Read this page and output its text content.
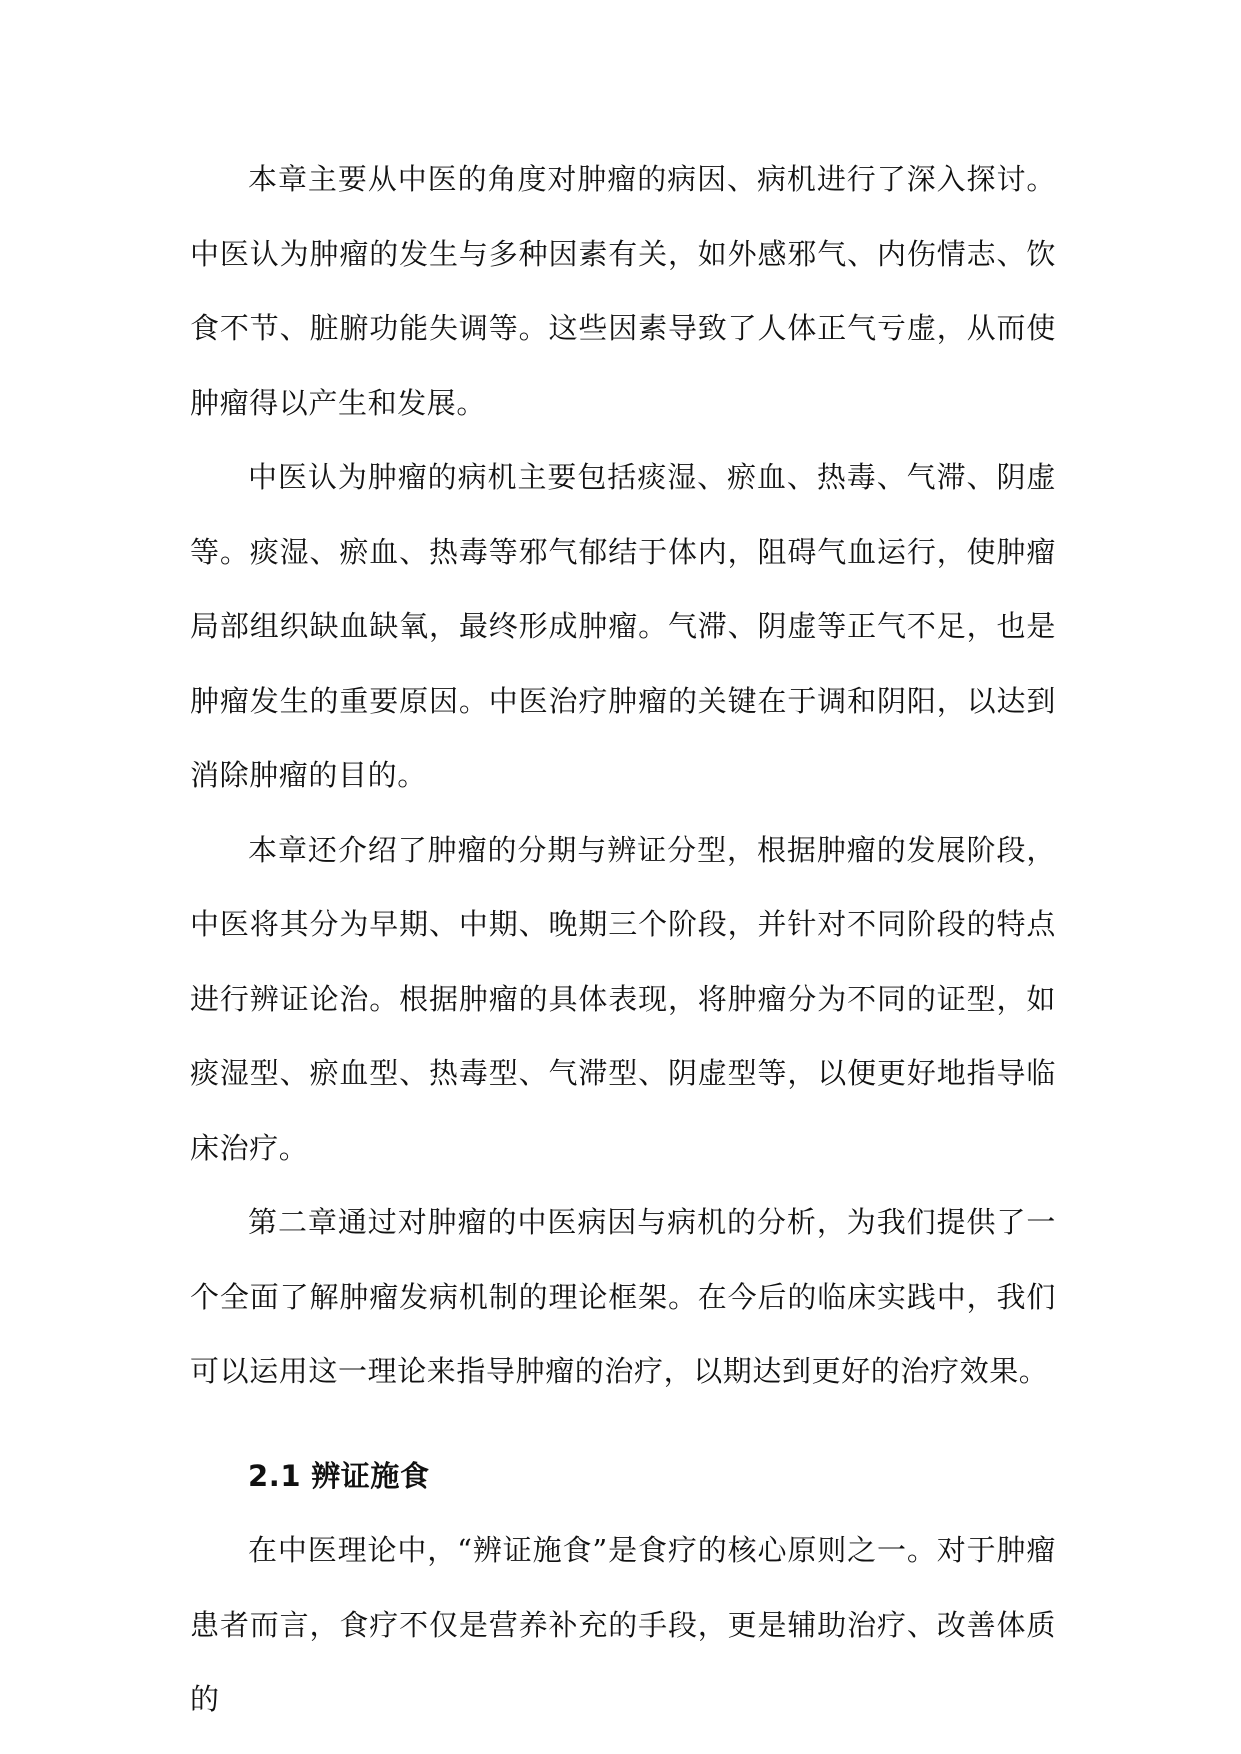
本章主要从中医的角度对肿瘤的病因、病机进行了深入探讨。中医认为肿瘤的发生与多种因素有关，如外感邪气、内伤情志、饮食不节、脏腑功能失调等。这些因素导致了人体正气亏虚，从而使肿瘤得以产生和发展。

中医认为肿瘤的病机主要包括痰湿、瘀血、热毒、气滞、阴虚等。痰湿、瘀血、热毒等邪气郁结于体内，阻碍气血运行，使肿瘤局部组织缺血缺氧，最终形成肿瘤。气滞、阴虚等正气不足，也是肿瘤发生的重要原因。中医治疗肿瘤的关键在于调和阴阳，以达到消除肿瘤的目的。

本章还介绍了肿瘤的分期与辨证分型，根据肿瘤的发展阶段，中医将其分为早期、中期、晚期三个阶段，并针对不同阶段的特点进行辨证论治。根据肿瘤的具体表现，将肿瘤分为不同的证型，如痰湿型、瘀血型、热毒型、气滞型、阴虚型等，以便更好地指导临床治疗。

第二章通过对肿瘤的中医病因与病机的分析，为我们提供了一个全面了解肿瘤发病机制的理论框架。在今后的临床实践中，我们可以运用这一理论来指导肿瘤的治疗，以期达到更好的治疗效果。

2.1 辨证施食

在中医理论中，“辨证施食”是食疗的核心原则之一。对于肿瘤患者而言，食疗不仅是营养补充的手段，更是辅助治疗、改善体质的
